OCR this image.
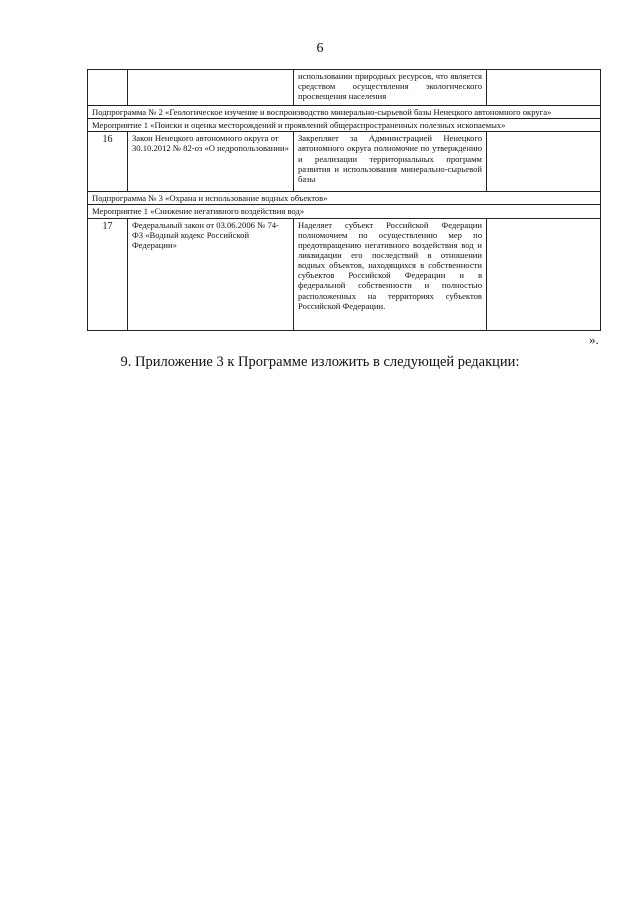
6
		использовании природных ресурсов, что является средством осуществления экологического просвещения населения	
Подпрограмма № 2 «Геологическое изучение и воспроизводство минерально-сырьевой базы Ненецкого автономного округа»			
Мероприятие 1 «Поиски и оценка месторождений и проявлений общераспространенных полезных ископаемых»			
16	Закон Ненецкого автономного округа от 30.10.2012 № 82-оз «О недропользовании»	Закрепляет за Администрацией Ненецкого автономного округа полномочие по утверждению и реализации территориальных программ развития и использования минерально-сырьевой базы	
Подпрограмма № 3 «Охрана и использование водных объектов»			
Мероприятие 1 «Снижение негативного воздействия вод»			
17	Федеральный закон от 03.06.2006 № 74-ФЗ «Водный кодекс Российской Федерации»	Наделяет субъект Российской Федерации полномочием по осуществлению мер по предотвращению негативного воздействия вод и ликвидации его последствий в отношении водных объектов, находящихся в собственности субъектов Российской Федерации и в федеральной собственности и полностью расположенных на территориях субъектов Российской Федерации.	
».
9. Приложение 3 к Программе изложить в следующей редакции:
